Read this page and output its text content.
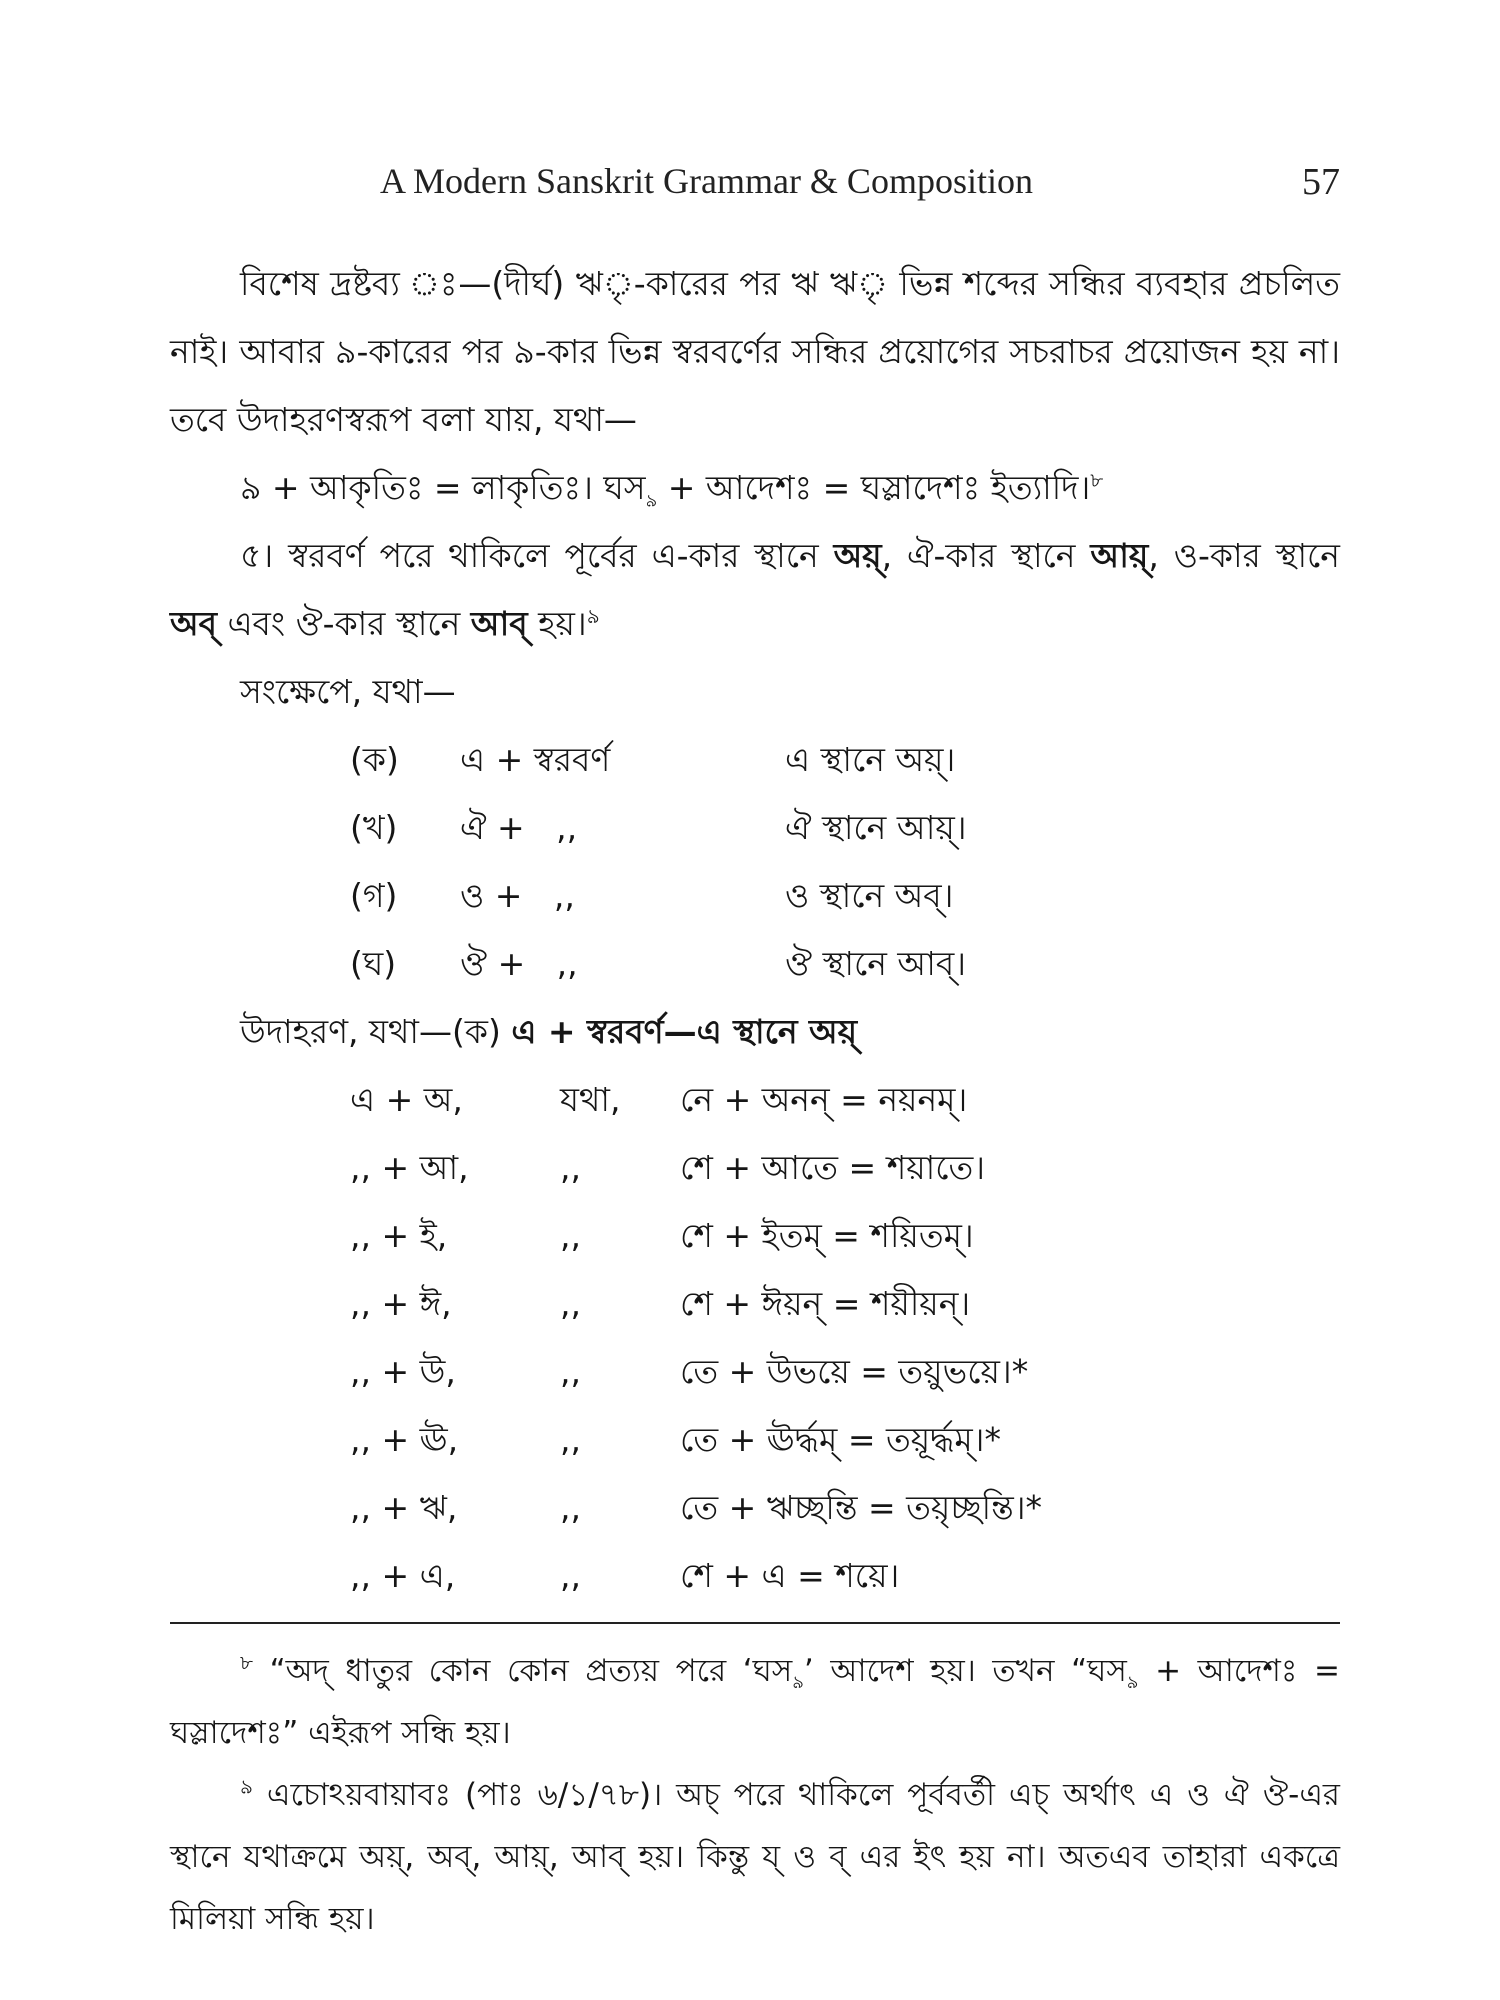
A Modern Sanskrit Grammar & Composition	57

বিশেষ দ্রষ্টব্য ঃ—(দীর্ঘ) ঋৃ-কারের পর ঋ ঋৃ ভিন্ন শব্দের সন্ধির ব্যবহার প্রচলিত নাই। আবার ৯-কারের পর ৯-কার ভিন্ন স্বরবর্ণের সন্ধির প্রয়োগের সচরাচর প্রয়োজন হয় না। তবে উদাহরণস্বরূপ বলা যায়, যথা—

৯ + আকৃতিঃ = লাকৃতিঃ। ঘস$_৯$ + আদেশঃ = ঘস্লাদেশঃ ইত্যাদি।$^৮$

৫। স্বরবর্ণ পরে থাকিলে পূর্বের এ-কার স্থানে অয়্, ঐ-কার স্থানে আয়্, ও-কার স্থানে অব্ এবং ঔ-কার স্থানে আব্ হয়।$^৯$

সংক্ষেপে, যথা—

(ক)	এ + স্বরবর্ণ	এ স্থানে অয়্।
(খ)	ঐ +   ,,	ঐ স্থানে আয়্।
(গ)	ও +   ,,	ও স্থানে অব্।
(ঘ)	ঔ +   ,,	ঔ স্থানে আব্।

উদাহরণ, যথা—(ক) এ + স্বরবর্ণ—এ স্থানে অয়্

এ + অ,	যথা,	নে + অনন্ = নয়নম্।
,, + আ,	,,	শে + আতে = শয়াতে।
,, + ই,	,,	শে + ইতম্ = শয়িতম্।
,, + ঈ,	,,	শে + ঈয়ন্ = শয়ীয়ন্।
,, + উ,	,,	তে + উভয়ে = তয়ুভয়ে।*
,, + ঊ,	,,	তে + ঊর্দ্ধম্ = তয়ূর্দ্ধম্।*
,, + ঋ,	,,	তে + ঋচ্ছন্তি = তয়ৃচ্ছন্তি।*
,, + এ,	,,	শে + এ = শয়ে।

$^৮$ “অদ্ ধাতুর কোন কোন প্রত্যয় পরে ‘ঘস$_৯$’ আদেশ হয়। তখন “ঘস$_৯$ + আদেশঃ = ঘস্লাদেশঃ” এইরূপ সন্ধি হয়।

$^৯$ এচোঽয়বায়াবঃ (পাঃ ৬/১/৭৮)। অচ্ পরে থাকিলে পূর্ববর্তী এচ্ অর্থাৎ এ ও ঐ ঔ-এর স্থানে যথাক্রমে অয়্, অব্, আয়্, আব্ হয়। কিন্তু য্ ও ব্ এর ইৎ হয় না। অতএব তাহারা একত্রে মিলিয়া সন্ধি হয়।
